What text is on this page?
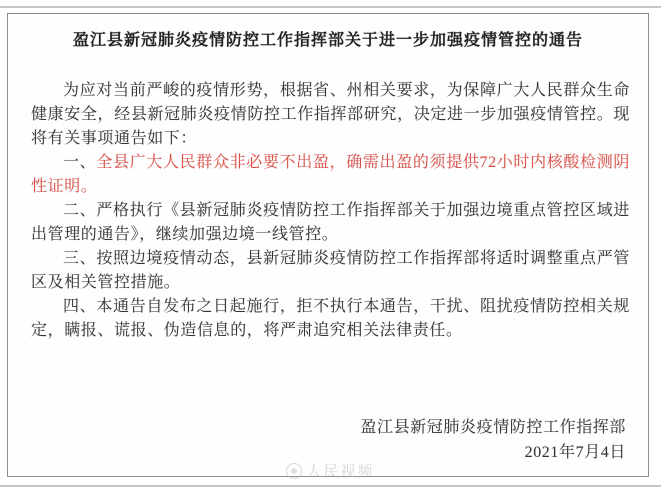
盈江县新冠肺炎疫情防控工作指挥部关于进一步加强疫情管控的通告

为应对当前严峻的疫情形势，根据省、州相关要求，为保障广大人民群众生命健康安全，经县新冠肺炎疫情防控工作指挥部研究，决定进一步加强疫情管控。现将有关事项通告如下：

一、全县广大人民群众非必要不出盈，确需出盈的须提供72小时内核酸检测阴性证明。

二、严格执行《县新冠肺炎疫情防控工作指挥部关于加强边境重点管控区域进出管理的通告》，继续加强边境一线管控。

三、按照边境疫情动态，县新冠肺炎疫情防控工作指挥部将适时调整重点严管区及相关管控措施。

四、本通告自发布之日起施行，拒不执行本通告，干扰、阻扰疫情防控相关规定，瞒报、谎报、伪造信息的，将严肃追究相关法律责任。

盈江县新冠肺炎疫情防控工作指挥部
2021年7月4日
人民视频
